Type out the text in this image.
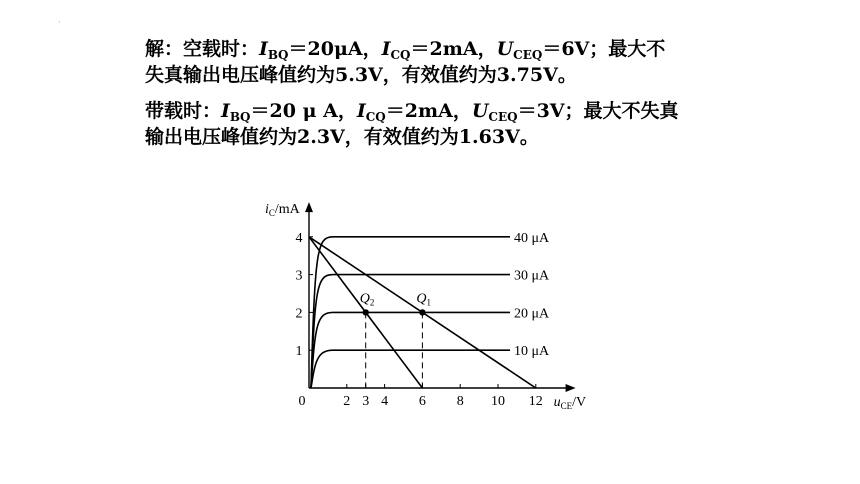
·
解：空载时：$I_{BQ}=20\mu A$，$I_{CQ}=2mA$，$U_{CEQ}=6V$；最大不
失真输出电压峰值约为5.3V，有效值约为3.75V。
带载时：$I_{BQ}=20$ μ A，$I_{CQ}=2mA$，$U_{CEQ}=3V$；最大不失真
输出电压峰值约为2.3V，有效值约为1.63V。
$i_C/mA$
$u_{CE}/V$
0
1
2
3
4
2 3 4 6 8 10 12
10 μA
20 μA
30 μA
40 μA
$Q_2$	$Q_1$
